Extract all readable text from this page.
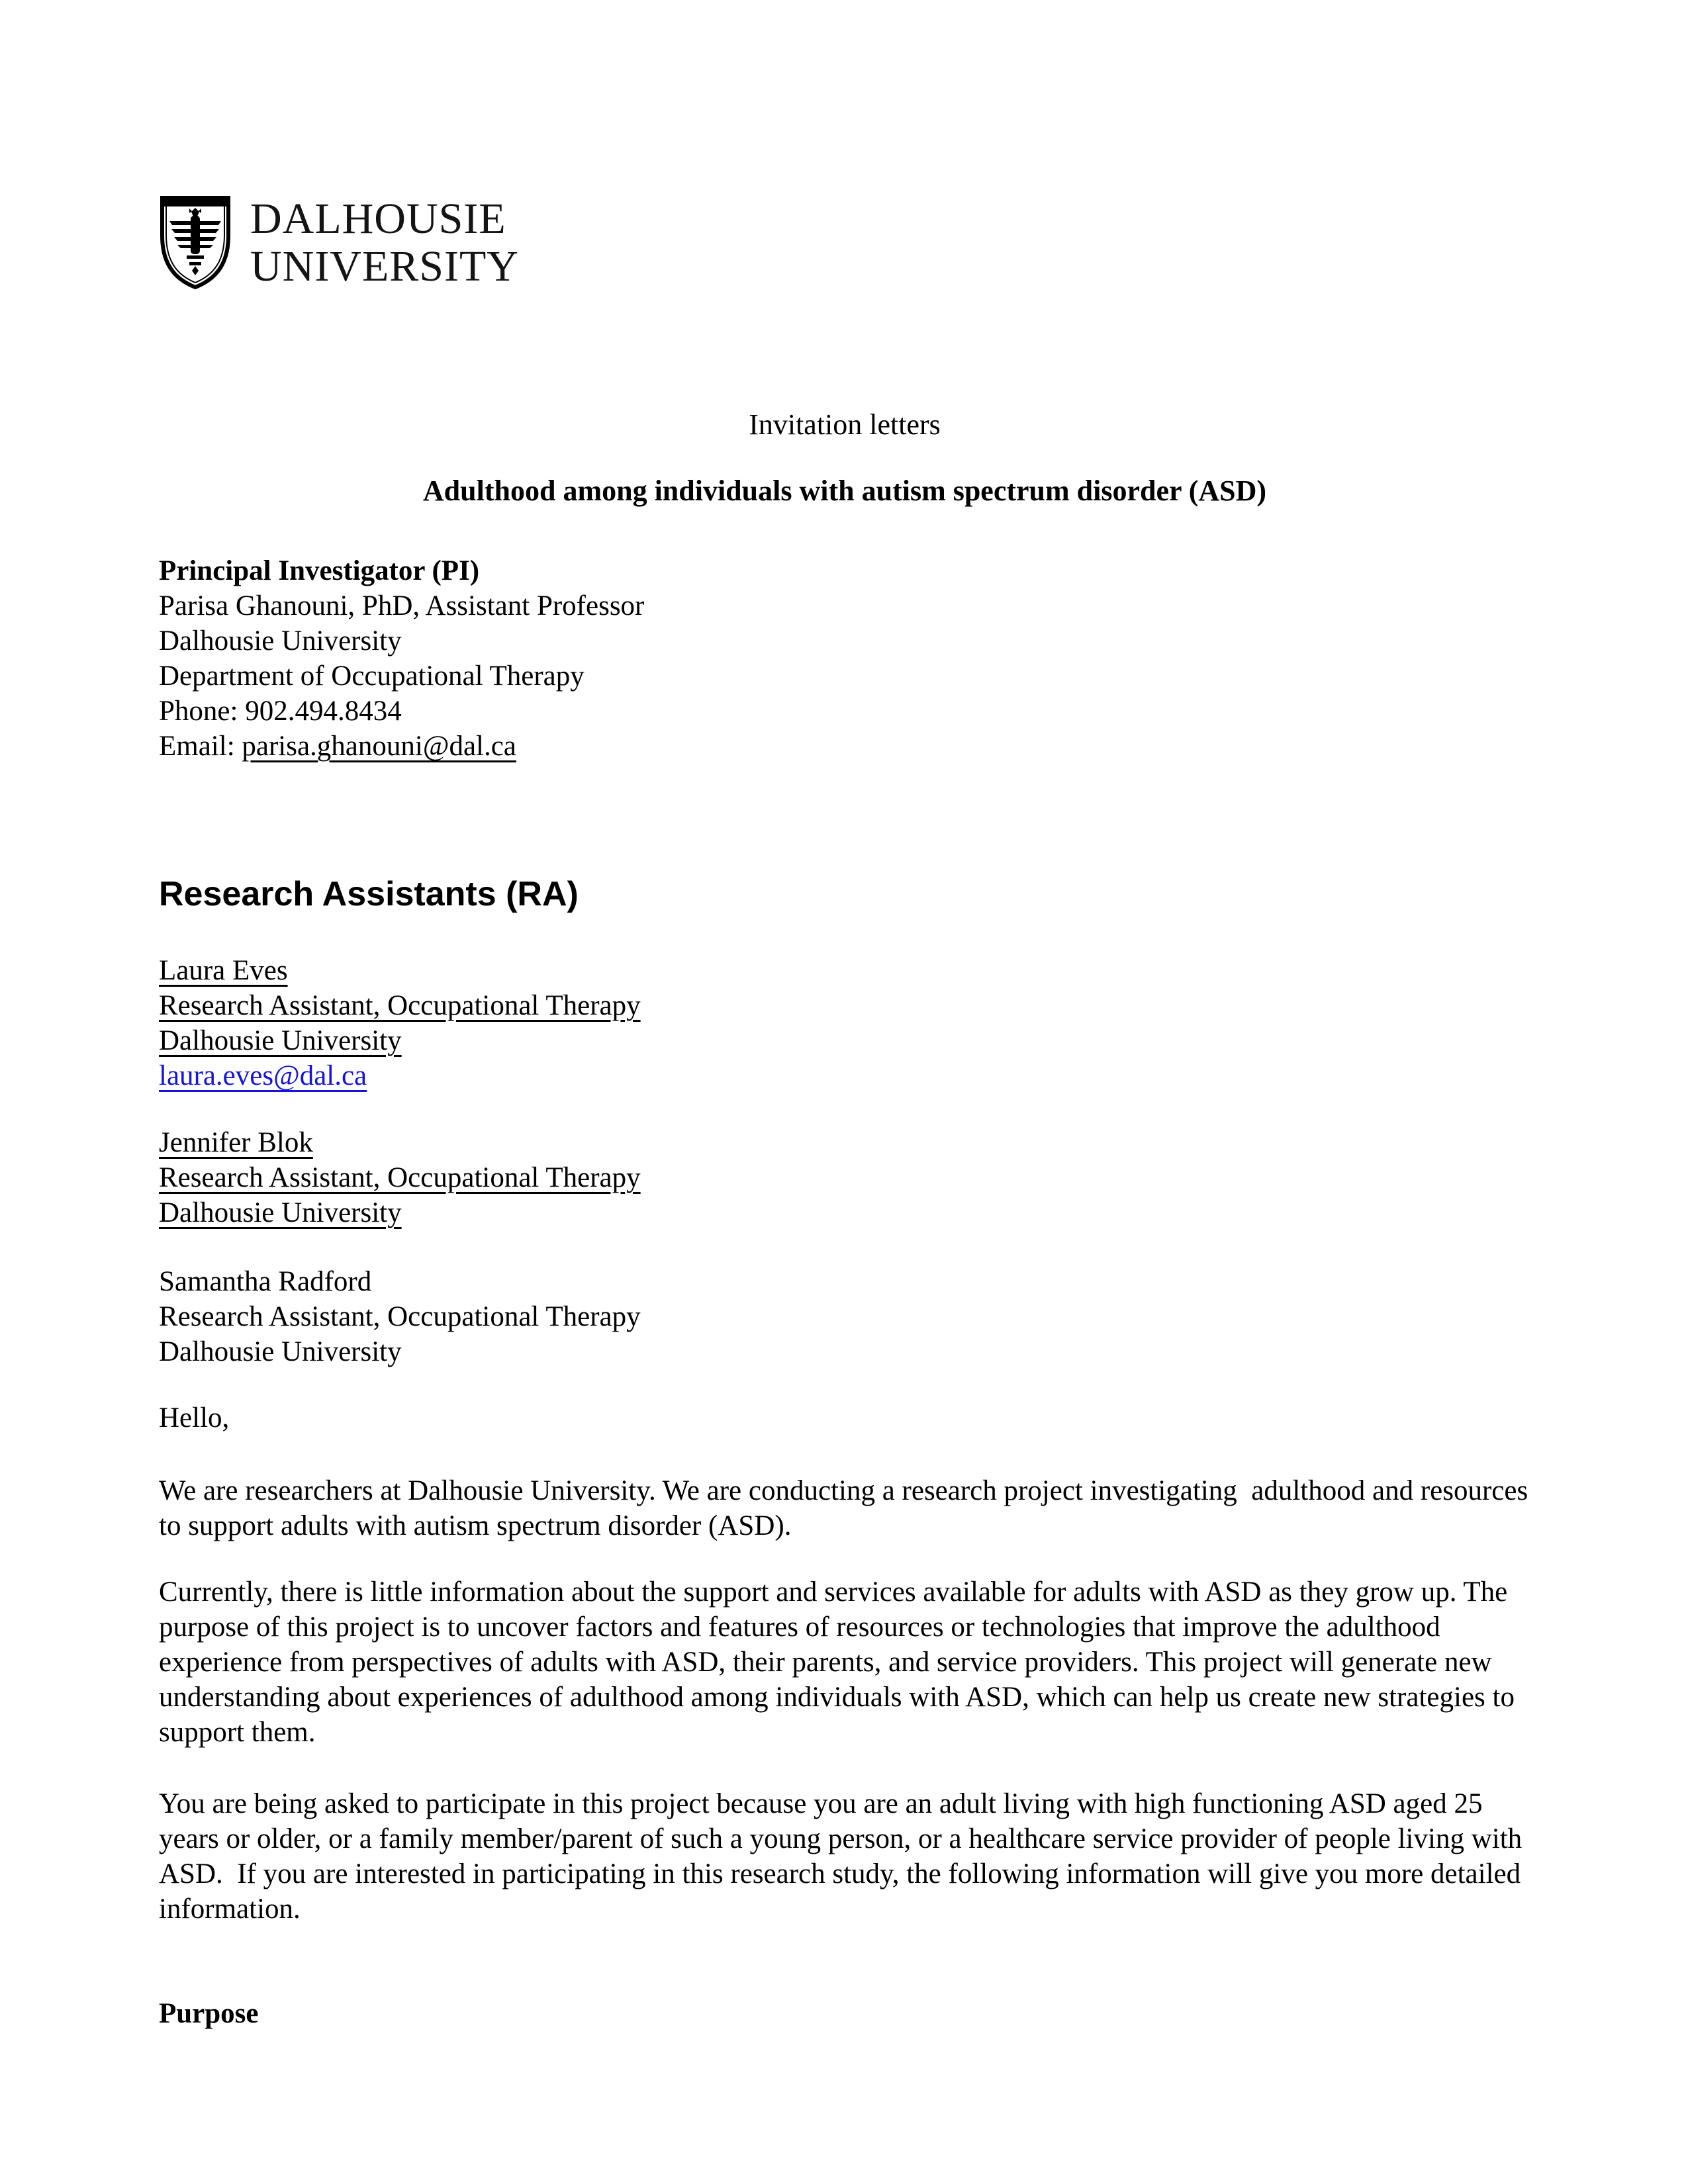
DALHOUSIE
UNIVERSITY
Invitation letters
Adulthood among individuals with autism spectrum disorder (ASD)
Principal Investigator (PI)
Parisa Ghanouni, PhD, Assistant Professor
Dalhousie University
Department of Occupational Therapy
Phone: 902.494.8434
Email: parisa.ghanouni@dal.ca
Research Assistants (RA)
Laura Eves
Research Assistant, Occupational Therapy
Dalhousie University
laura.eves@dal.ca
Jennifer Blok
Research Assistant, Occupational Therapy
Dalhousie University
Samantha Radford
Research Assistant, Occupational Therapy
Dalhousie University
Hello,
We are researchers at Dalhousie University. We are conducting a research project investigating  adulthood and resources to support adults with autism spectrum disorder (ASD).
Currently, there is little information about the support and services available for adults with ASD as they grow up. The purpose of this project is to uncover factors and features of resources or technologies that improve the adulthood experience from perspectives of adults with ASD, their parents, and service providers. This project will generate new understanding about experiences of adulthood among individuals with ASD, which can help us create new strategies to support them.
You are being asked to participate in this project because you are an adult living with high functioning ASD aged 25 years or older, or a family member/parent of such a young person, or a healthcare service provider of people living with ASD.  If you are interested in participating in this research study, the following information will give you more detailed information.
Purpose
